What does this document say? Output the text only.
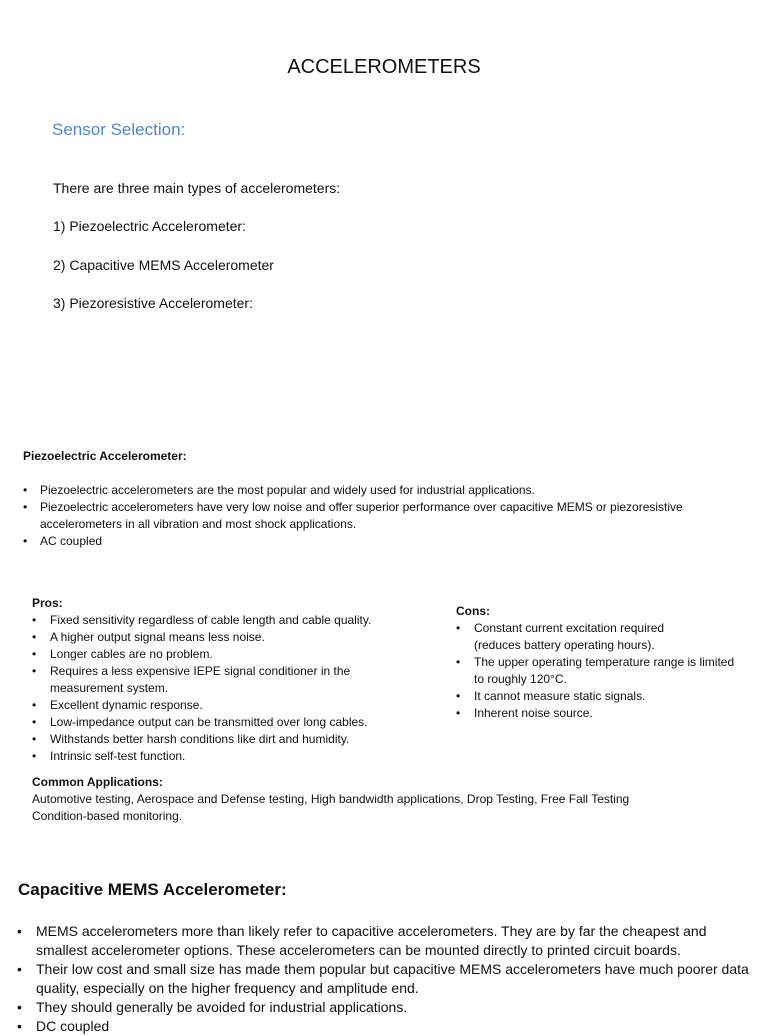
ACCELEROMETERS
Sensor Selection:
There are three main types of accelerometers:
1) Piezoelectric Accelerometer:
2) Capacitive MEMS Accelerometer
3) Piezoresistive Accelerometer:
Piezoelectric Accelerometer:
• Piezoelectric accelerometers are the most popular and widely used for industrial applications.
• Piezoelectric accelerometers have very low noise and offer superior performance over capacitive MEMS or piezoresistive accelerometers in all vibration and most shock applications.
• AC coupled
Pros:
• Fixed sensitivity regardless of cable length and cable quality.
• A higher output signal means less noise.
• Longer cables are no problem.
• Requires a less expensive IEPE signal conditioner in the measurement system.
• Excellent dynamic response.
• Low-impedance output can be transmitted over long cables.
• Withstands better harsh conditions like dirt and humidity.
• Intrinsic self-test function.
Cons:
• Constant current excitation required (reduces battery operating hours).
• The upper operating temperature range is limited to roughly 120°C.
• It cannot measure static signals.
• Inherent noise source.
Common Applications:
Automotive testing, Aerospace and Defense testing, High bandwidth applications, Drop Testing, Free Fall Testing
Condition-based monitoring.
Capacitive MEMS Accelerometer:
• MEMS accelerometers more than likely refer to capacitive accelerometers. They are by far the cheapest and smallest accelerometer options. These accelerometers can be mounted directly to printed circuit boards.
• Their low cost and small size has made them popular but capacitive MEMS accelerometers have much poorer data quality, especially on the higher frequency and amplitude end.
• They should generally be avoided for industrial applications.
• DC coupled
